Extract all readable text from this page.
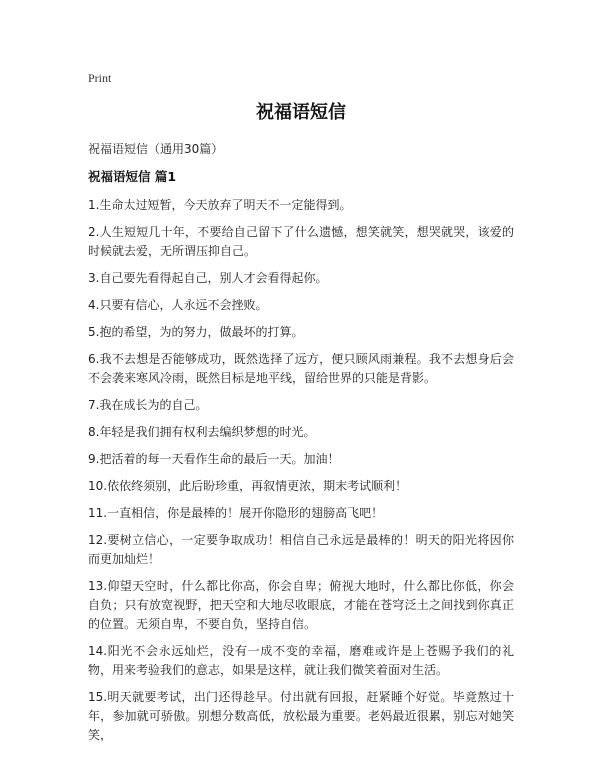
Print
祝福语短信
祝福语短信（通用30篇）
祝福语短信 篇1

1.生命太过短暂，今天放弃了明天不一定能得到。

2.人生短短几十年，不要给自己留下了什么遗憾，想笑就笑，想哭就哭，该爱的时候就去爱，无所谓压抑自己。

3.自己要先看得起自己，别人才会看得起你。

4.只要有信心，人永远不会挫败。

5.抱的希望，为的努力，做最坏的打算。

6.我不去想是否能够成功，既然选择了远方，便只顾风雨兼程。我不去想身后会不会袭来寒风冷雨，既然目标是地平线，留给世界的只能是背影。

7.我在成长为的自己。

8.年轻是我们拥有权利去编织梦想的时光。

9.把活着的每一天看作生命的最后一天。加油！

10.依依终须别，此后盼珍重，再叙情更浓，期末考试顺利！

11.一直相信，你是最棒的！展开你隐形的翅膀高飞吧！

12.要树立信心，一定要争取成功！相信自己永远是最棒的！明天的阳光将因你而更加灿烂！

13.仰望天空时，什么都比你高，你会自卑；俯视大地时，什么都比你低，你会自负；只有放宽视野，把天空和大地尽收眼底，才能在苍穹泛土之间找到你真正的位置。无须自卑，不要自负，坚持自信。

14.阳光不会永远灿烂，没有一成不变的幸福，磨难或许是上苍赐予我们的礼物，用来考验我们的意志，如果是这样，就让我们微笑着面对生活。

15.明天就要考试，出门还得趁早。付出就有回报，赶紧睡个好觉。毕竟熬过十年，参加就可骄傲。别想分数高低，放松最为重要。老妈最近很累，别忘对她笑笑，
